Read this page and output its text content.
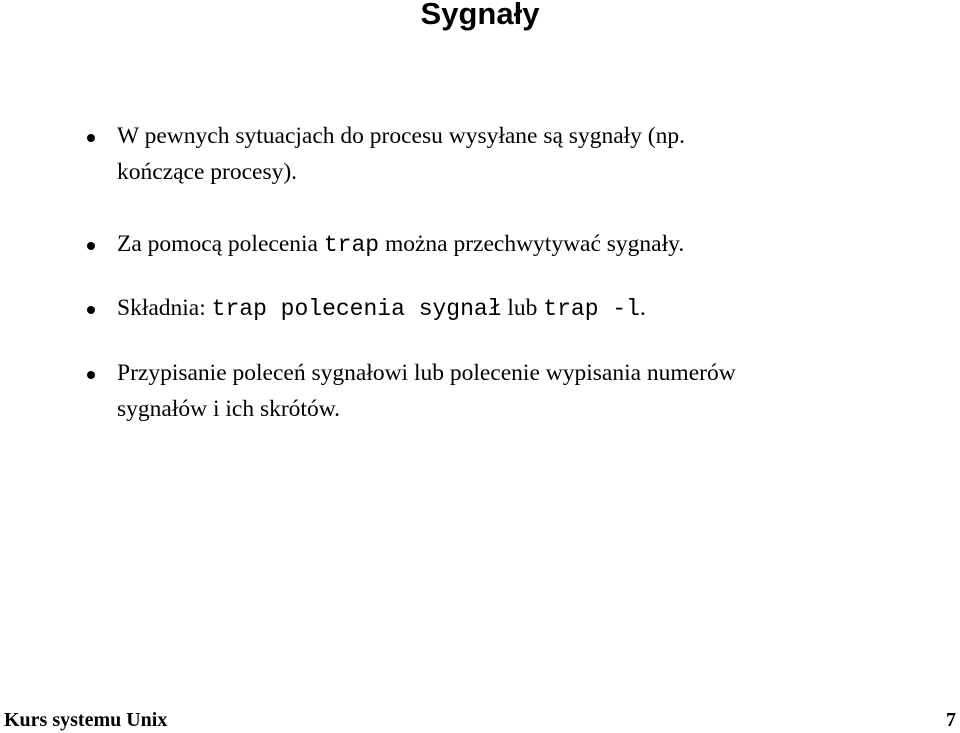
Sygnały
W pewnych sytuacjach do procesu wysyłane są sygnały (np.
kończące procesy).
Za pomocą polecenia trap można przechwytywać sygnały.
Składnia: trap polecenia sygnał lub trap -l.
Przypisanie poleceń sygnałowi lub polecenie wypisania numerów
sygnałów i ich skrótów.
Kurs systemu Unix	7
